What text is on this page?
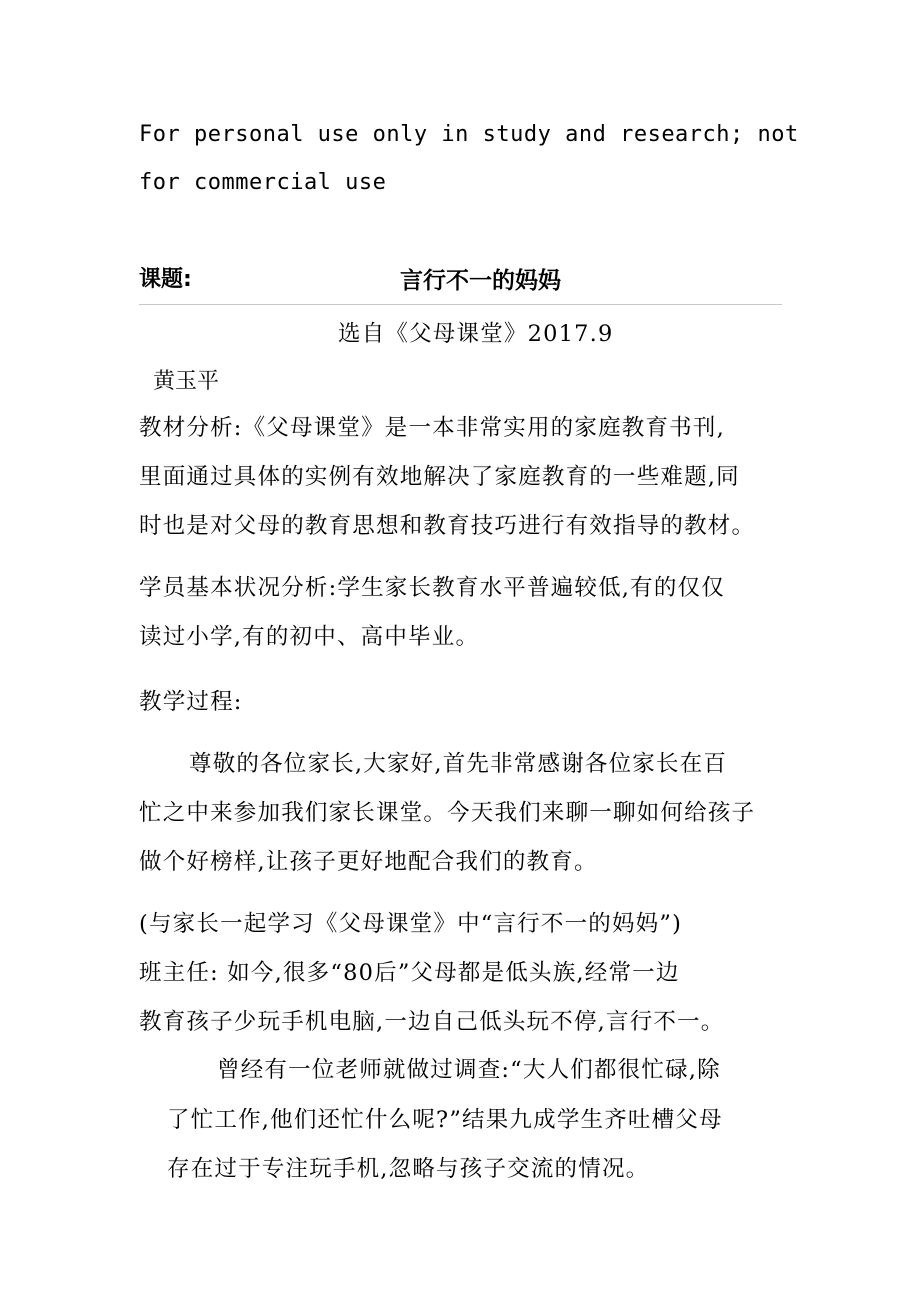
For personal use only in study and research; not

for commercial use

课题:	言行不一的妈妈

选自《父母课堂》2017.9

黄玉平

教材分析:《父母课堂》是一本非常实用的家庭教育书刊,

里面通过具体的实例有效地解决了家庭教育的一些难题,同

时也是对父母的教育思想和教育技巧进行有效指导的教材。

学员基本状况分析:学生家长教育水平普遍较低,有的仅仅

读过小学,有的初中、高中毕业。

教学过程:

尊敬的各位家长,大家好,首先非常感谢各位家长在百

忙之中来参加我们家长课堂。今天我们来聊一聊如何给孩子

做个好榜样,让孩子更好地配合我们的教育。

(与家长一起学习《父母课堂》中“言行不一的妈妈”)

班主任: 如今,很多“80后”父母都是低头族,经常一边

教育孩子少玩手机电脑,一边自己低头玩不停,言行不一。

曾经有一位老师就做过调查:“大人们都很忙碌,除

了忙工作,他们还忙什么呢?”结果九成学生齐吐槽父母

存在过于专注玩手机,忽略与孩子交流的情况。
